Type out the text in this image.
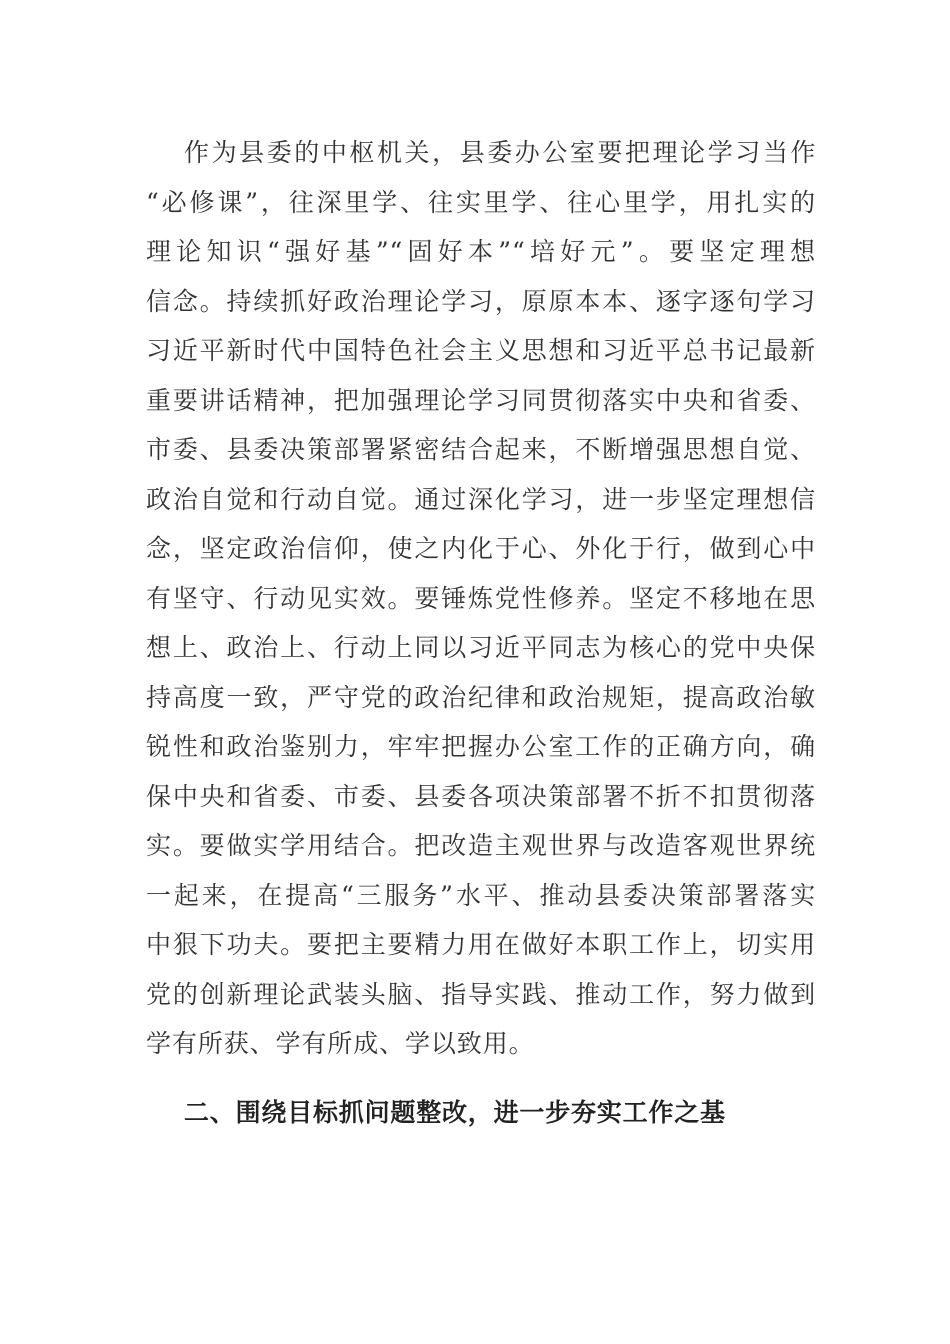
作为县委的中枢机关，县委办公室要把理论学习当作
“必修课”，往深里学、往实里学、往心里学，用扎实的
理论知识“强好基”“固好本”“培好元”。要坚定理想
信念。持续抓好政治理论学习，原原本本、逐字逐句学习
习近平新时代中国特色社会主义思想和习近平总书记最新
重要讲话精神，把加强理论学习同贯彻落实中央和省委、
市委、县委决策部署紧密结合起来，不断增强思想自觉、
政治自觉和行动自觉。通过深化学习，进一步坚定理想信
念，坚定政治信仰，使之内化于心、外化于行，做到心中
有坚守、行动见实效。要锤炼党性修养。坚定不移地在思
想上、政治上、行动上同以习近平同志为核心的党中央保
持高度一致，严守党的政治纪律和政治规矩，提高政治敏
锐性和政治鉴别力，牢牢把握办公室工作的正确方向，确
保中央和省委、市委、县委各项决策部署不折不扣贯彻落
实。要做实学用结合。把改造主观世界与改造客观世界统
一起来，在提高“三服务”水平、推动县委决策部署落实
中狠下功夫。要把主要精力用在做好本职工作上，切实用
党的创新理论武装头脑、指导实践、推动工作，努力做到
学有所获、学有所成、学以致用。
二、围绕目标抓问题整改，进一步夯实工作之基
